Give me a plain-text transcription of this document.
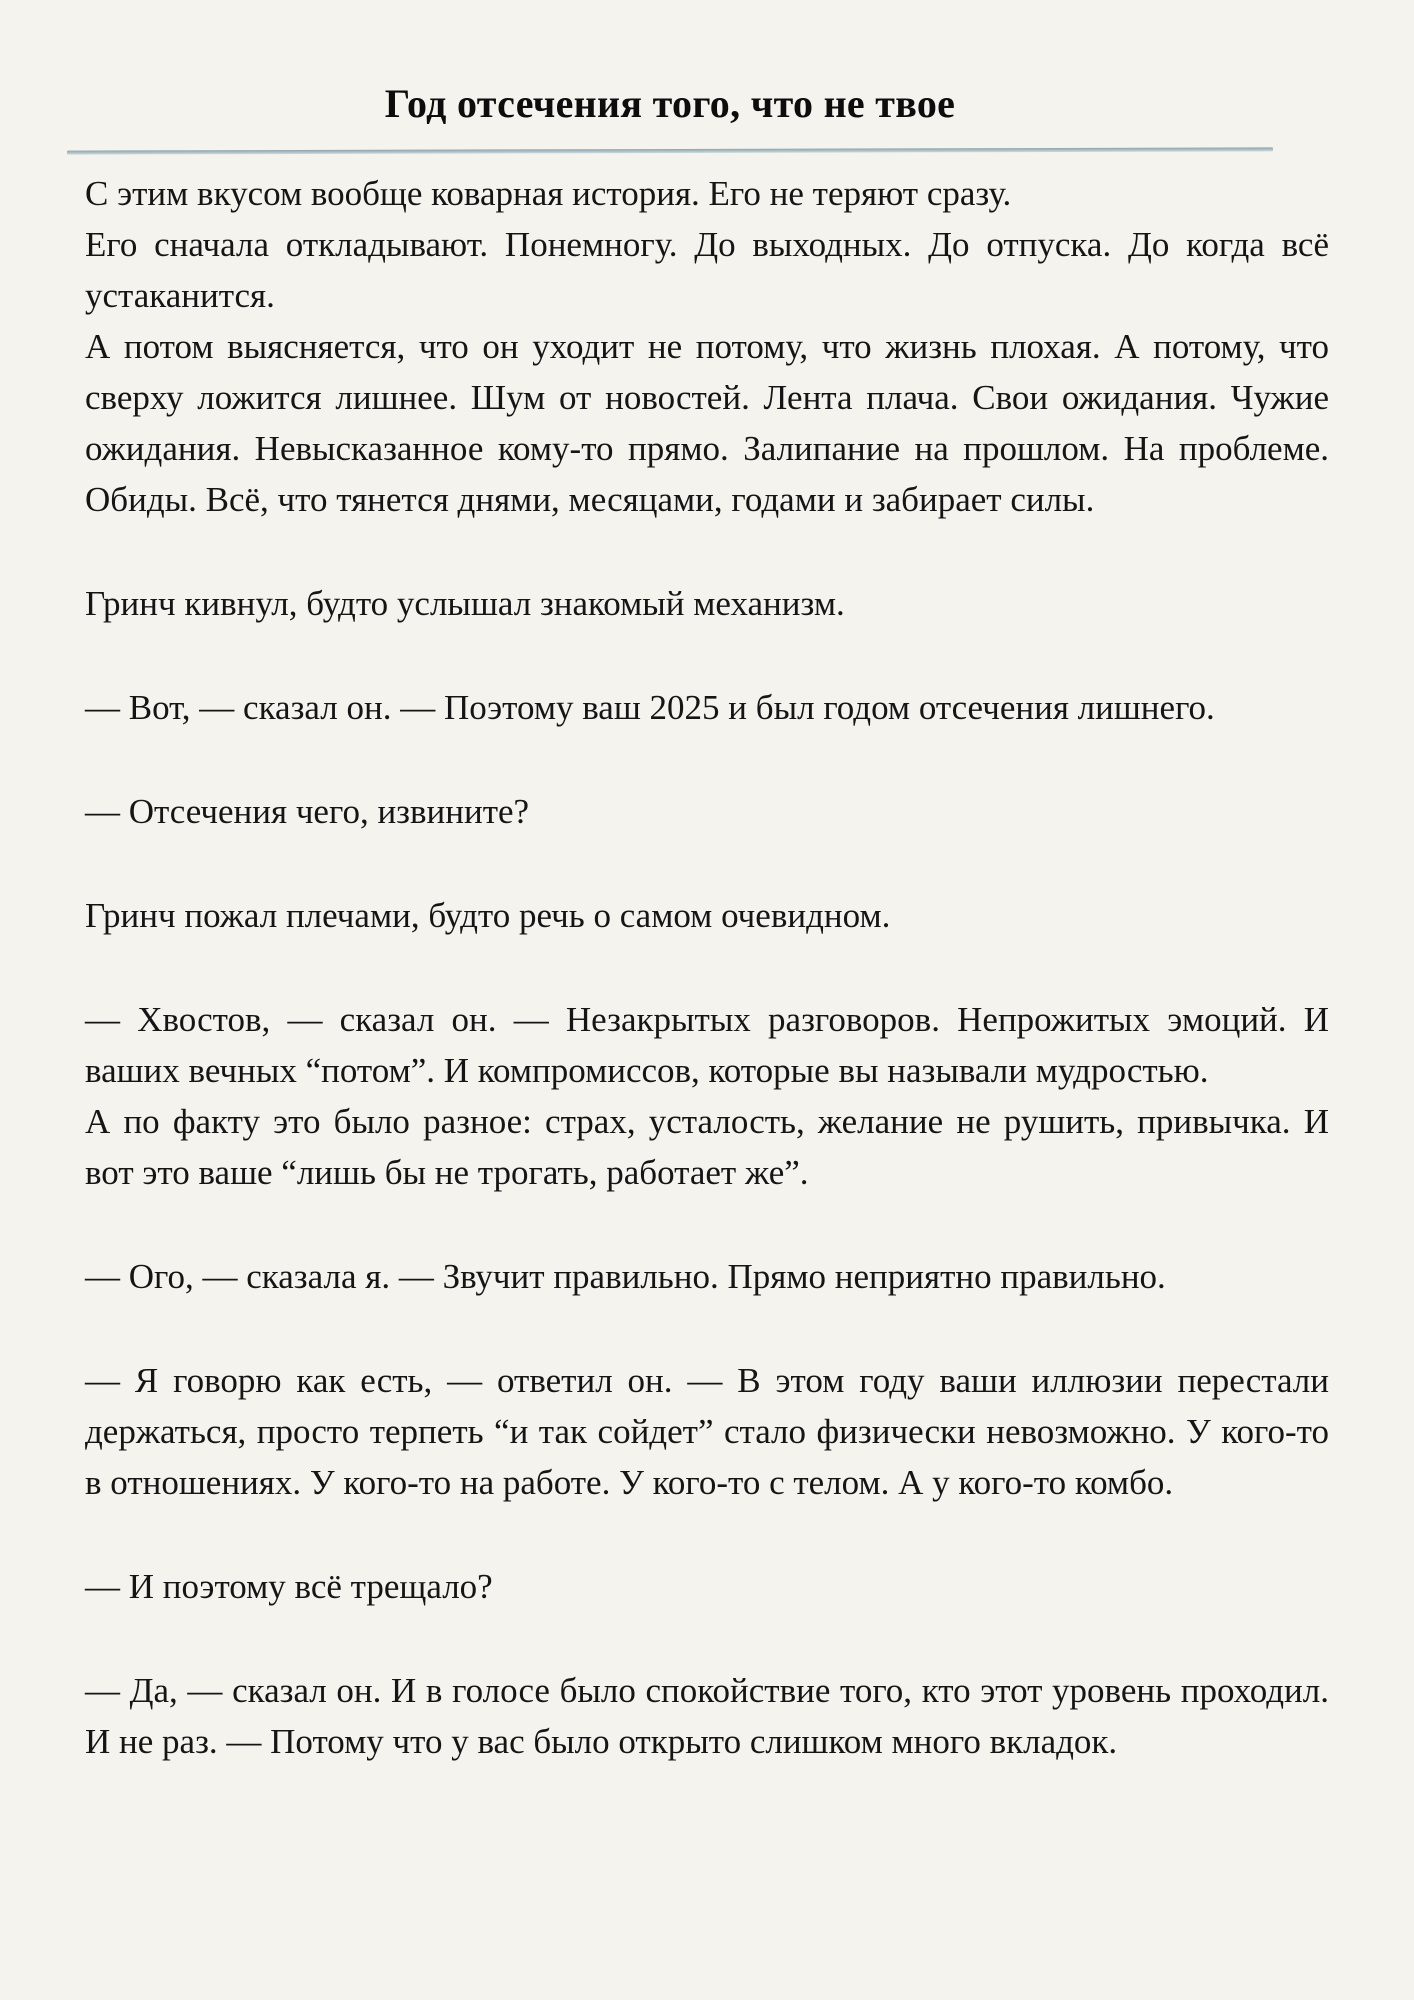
Год отсечения того, что не твое

С этим вкусом вообще коварная история. Его не теряют сразу.

Его сначала откладывают. Понемногу. До выходных. До отпуска. До когда всё устаканится.

А потом выясняется, что он уходит не потому, что жизнь плохая. А потому, что сверху ложится лишнее. Шум от новостей. Лента плача. Свои ожидания. Чужие ожидания. Невысказанное кому-то прямо. Залипание на прошлом. На проблеме. Обиды. Всё, что тянется днями, месяцами, годами и забирает силы.

Гринч кивнул, будто услышал знакомый механизм.

— Вот, — сказал он. — Поэтому ваш 2025 и был годом отсечения лишнего.

— Отсечения чего, извините?

Гринч пожал плечами, будто речь о самом очевидном.

— Хвостов, — сказал он. — Незакрытых разговоров. Непрожитых эмоций. И ваших вечных “потом”. И компромиссов, которые вы называли мудростью.

А по факту это было разное: страх, усталость, желание не рушить, привычка. И вот это ваше “лишь бы не трогать, работает же”.

— Ого, — сказала я. — Звучит правильно. Прямо неприятно правильно.

— Я говорю как есть, — ответил он. — В этом году ваши иллюзии перестали держаться, просто терпеть “и так сойдет” стало физически невозможно. У кого-то в отношениях. У кого-то на работе. У кого-то с телом. А у кого-то комбо.

— И поэтому всё трещало?

— Да, — сказал он. И в голосе было спокойствие того, кто этот уровень проходил. И не раз. — Потому что у вас было открыто слишком много вкладок.
